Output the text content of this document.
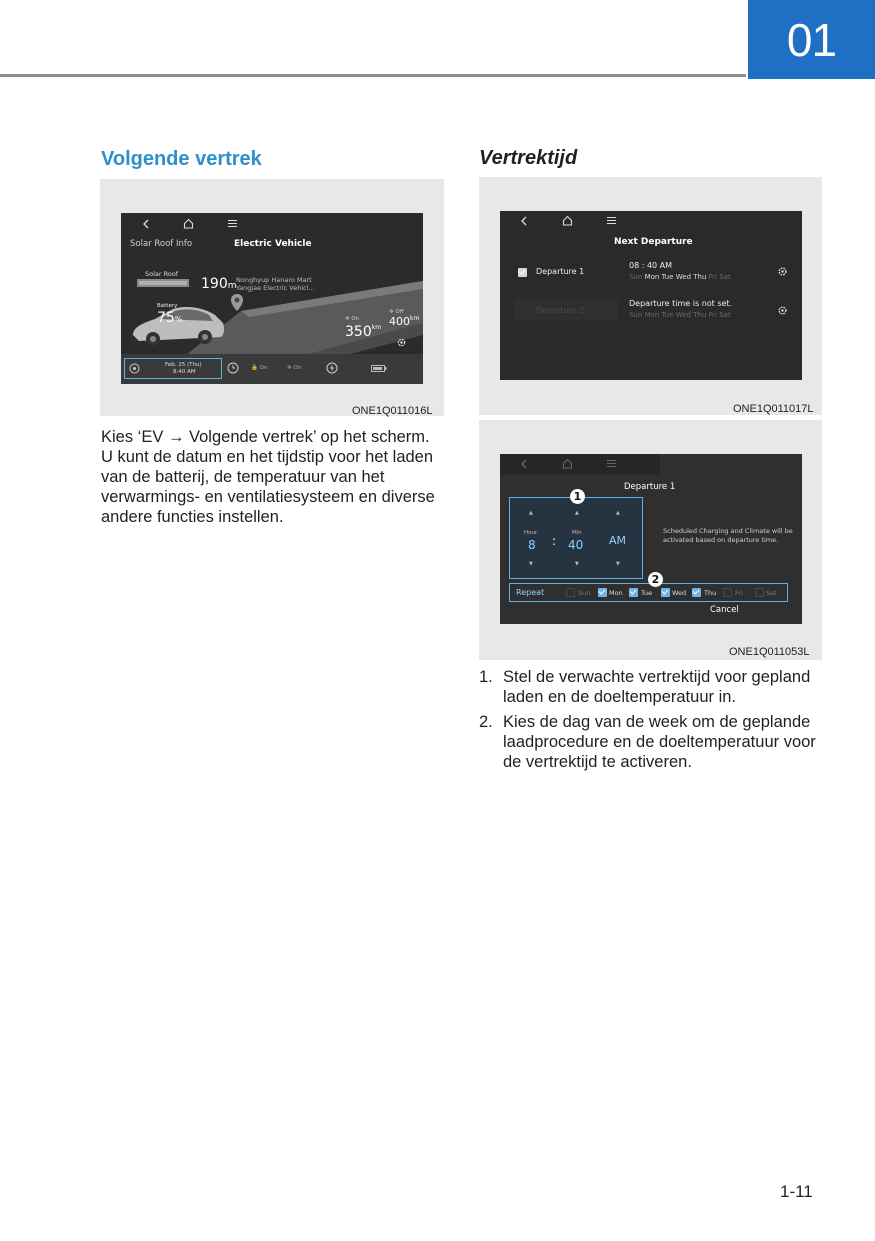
01
Volgende vertrek
Solar Roof Info	Electric Vehicle
Solar Roof
190m
Nonghyup Hanaro Mart
Yangjae Electric Vehicl...
Battery
75%	✲ On
$350^{km}$
✲ Off
$400^{km}$
Feb. 25 (Thu)
8:40 AM
🔒 On	✲ On
ONE1Q011016L
Kies ‘EV → Volgende vertrek’ op het scherm. U kunt de datum en het tijdstip voor het laden van de batterij, de temperatuur van het verwarmings- en ventilatiesysteem en diverse andere functies instellen.
Vertrektijd
Next Departure
Departure 1
08 : 40 AM
Sun Mon Tue Wed Thu Fri Sat
Departure 2
Departure time is not set.
Sun Mon Tue Wed Thu Fri Sat
ONE1Q011017L
Departure 1
▲	▲	▲
Hour
8 :
Min
40 AM
▼	▼	▼
Scheduled Charging and Climate will be activated based on departure time.
Repeat	Sun	Mon	Tue	Wed	Thu	Fri	Sat
Cancel
1
2
ONE1Q011053L
1. Stel de verwachte vertrektijd voor gepland laden en de doeltemperatuur in.
2. Kies de dag van de week om de geplande laadprocedure en de doeltemperatuur voor de vertrektijd te activeren.
1-11
